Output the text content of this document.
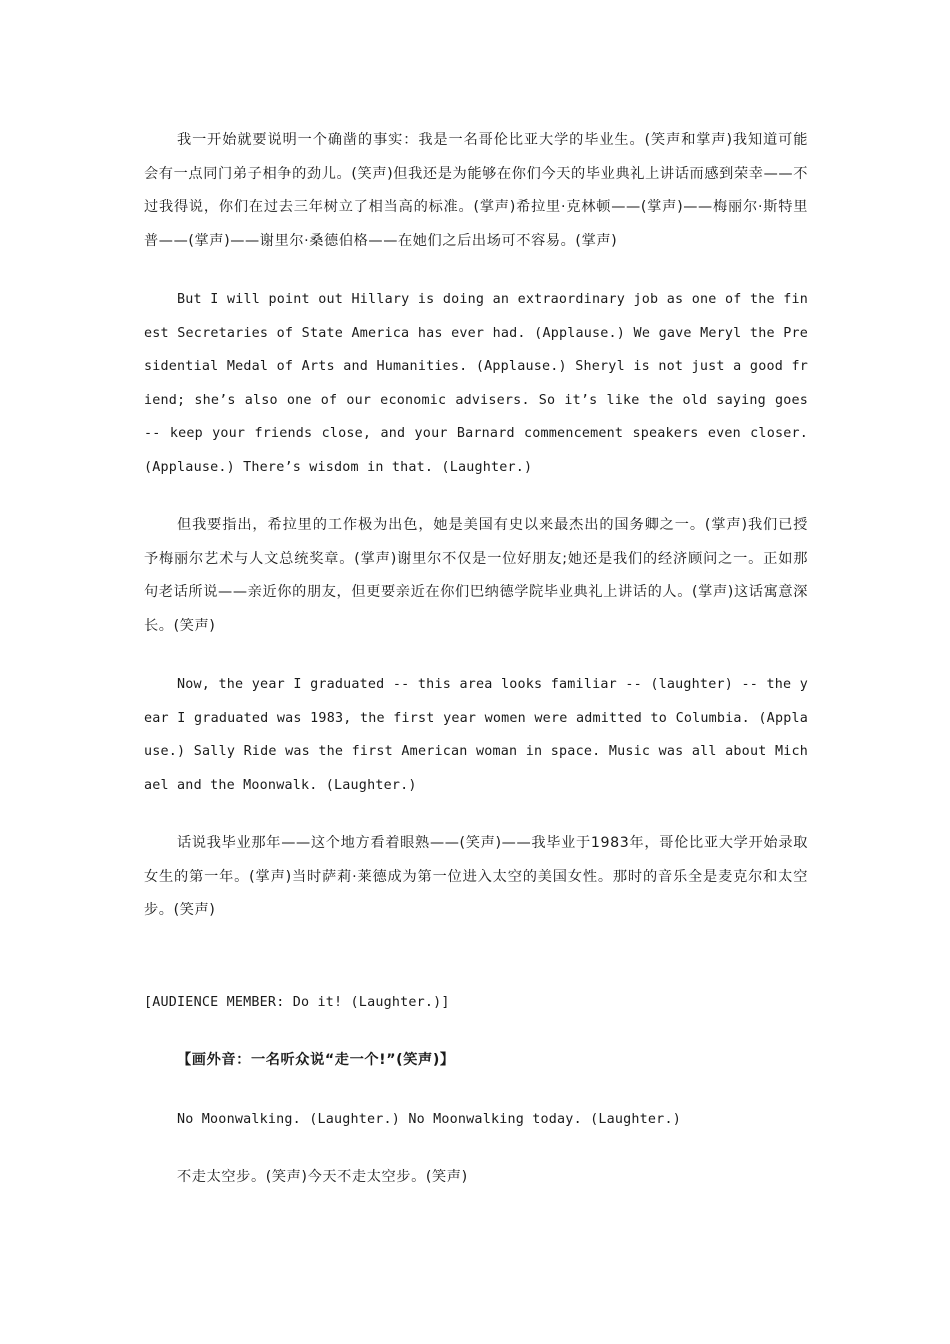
我一开始就要说明一个确凿的事实：我是一名哥伦比亚大学的毕业生。(笑声和掌声)我知道可能会有一点同门弟子相争的劲儿。(笑声)但我还是为能够在你们今天的毕业典礼上讲话而感到荣幸——不过我得说，你们在过去三年树立了相当高的标准。(掌声)希拉里·克林顿——(掌声)——梅丽尔·斯特里普——(掌声)——谢里尔·桑德伯格——在她们之后出场可不容易。(掌声)

But I will point out Hillary is doing an extraordinary job as one of the finest Secretaries of State America has ever had. (Applause.) We gave Meryl the Presidential Medal of Arts and Humanities. (Applause.) Sheryl is not just a good friend; she’s also one of our economic advisers. So it’s like the old saying goes -- keep your friends close, and your Barnard commencement speakers even closer. (Applause.) There’s wisdom in that. (Laughter.)

但我要指出，希拉里的工作极为出色，她是美国有史以来最杰出的国务卿之一。(掌声)我们已授予梅丽尔艺术与人文总统奖章。(掌声)谢里尔不仅是一位好朋友;她还是我们的经济顾问之一。正如那句老话所说——亲近你的朋友，但更要亲近在你们巴纳德学院毕业典礼上讲话的人。(掌声)这话寓意深长。(笑声)

Now, the year I graduated -- this area looks familiar -- (laughter) -- the year I graduated was 1983, the first year women were admitted to Columbia. (Applause.) Sally Ride was the first American woman in space. Music was all about Michael and the Moonwalk. (Laughter.)

话说我毕业那年——这个地方看着眼熟——(笑声)——我毕业于1983年，哥伦比亚大学开始录取女生的第一年。(掌声)当时萨莉·莱德成为第一位进入太空的美国女性。那时的音乐全是麦克尔和太空步。(笑声)

[AUDIENCE MEMBER: Do it! (Laughter.)]

【画外音：一名听众说“走一个!”(笑声)】

No Moonwalking. (Laughter.) No Moonwalking today. (Laughter.)

不走太空步。(笑声)今天不走太空步。(笑声)
